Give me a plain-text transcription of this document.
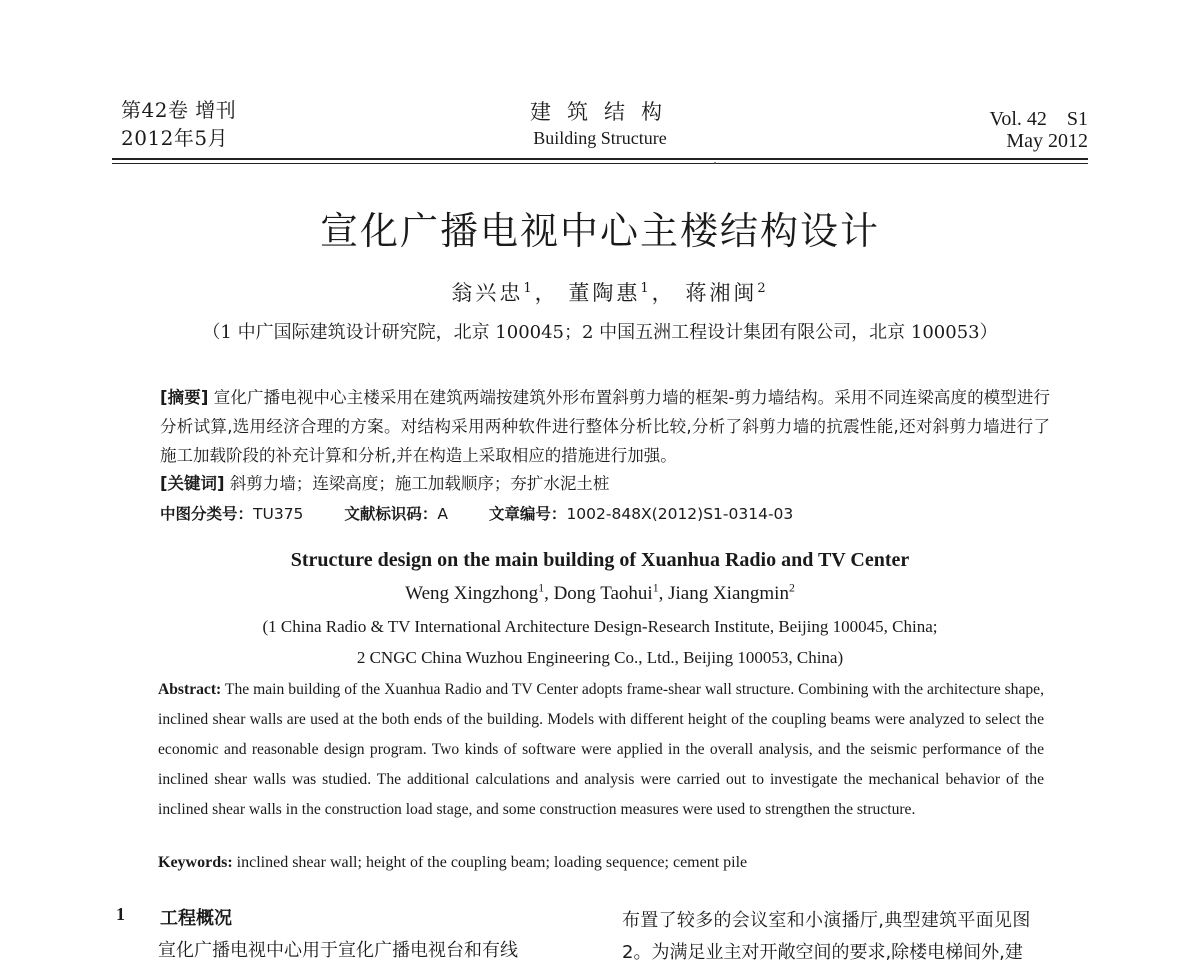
第42卷 增刊
2012年5月
建筑结构
Building Structure
Vol. 42　S1
May 2012
宣化广播电视中心主楼结构设计
翁兴忠$^1$， 董陶惠$^1$， 蒋湘闽$^2$
（1 中广国际建筑设计研究院，北京 100045；2 中国五洲工程设计集团有限公司，北京 100053）
[摘要] 宣化广播电视中心主楼采用在建筑两端按建筑外形布置斜剪力墙的框架-剪力墙结构。采用不同连梁高度的模型进行分析试算,选用经济合理的方案。对结构采用两种软件进行整体分析比较,分析了斜剪力墙的抗震性能,还对斜剪力墙进行了施工加载阶段的补充计算和分析,并在构造上采取相应的措施进行加强。
[关键词] 斜剪力墙；连梁高度；施工加载顺序；夯扩水泥土桩
中图分类号：TU375	文献标识码：A	文章编号：1002-848X(2012)S1-0314-03
Structure design on the main building of Xuanhua Radio and TV Center
Weng Xingzhong$^1$, Dong Taohui$^1$, Jiang Xiangmin$^2$
(1 China Radio & TV International Architecture Design-Research Institute, Beijing 100045, China;
2 CNGC China Wuzhou Engineering Co., Ltd., Beijing 100053, China)
Abstract: The main building of the Xuanhua Radio and TV Center adopts frame-shear wall structure. Combining with the architecture shape, inclined shear walls are used at the both ends of the building. Models with different height of the coupling beams were analyzed to select the economic and reasonable design program. Two kinds of software were applied in the overall analysis, and the seismic performance of the inclined shear walls was studied. The additional calculations and analysis were carried out to investigate the mechanical behavior of the inclined shear walls in the construction load stage, and some construction measures were used to strengthen the structure.
Keywords: inclined shear wall; height of the coupling beam; loading sequence; cement pile
1 工程概况
宣化广播电视中心用于宣化广播电视台和有线
布置了较多的会议室和小演播厅,典型建筑平面见图
2。为满足业主对开敞空间的要求,除楼电梯间外,建
